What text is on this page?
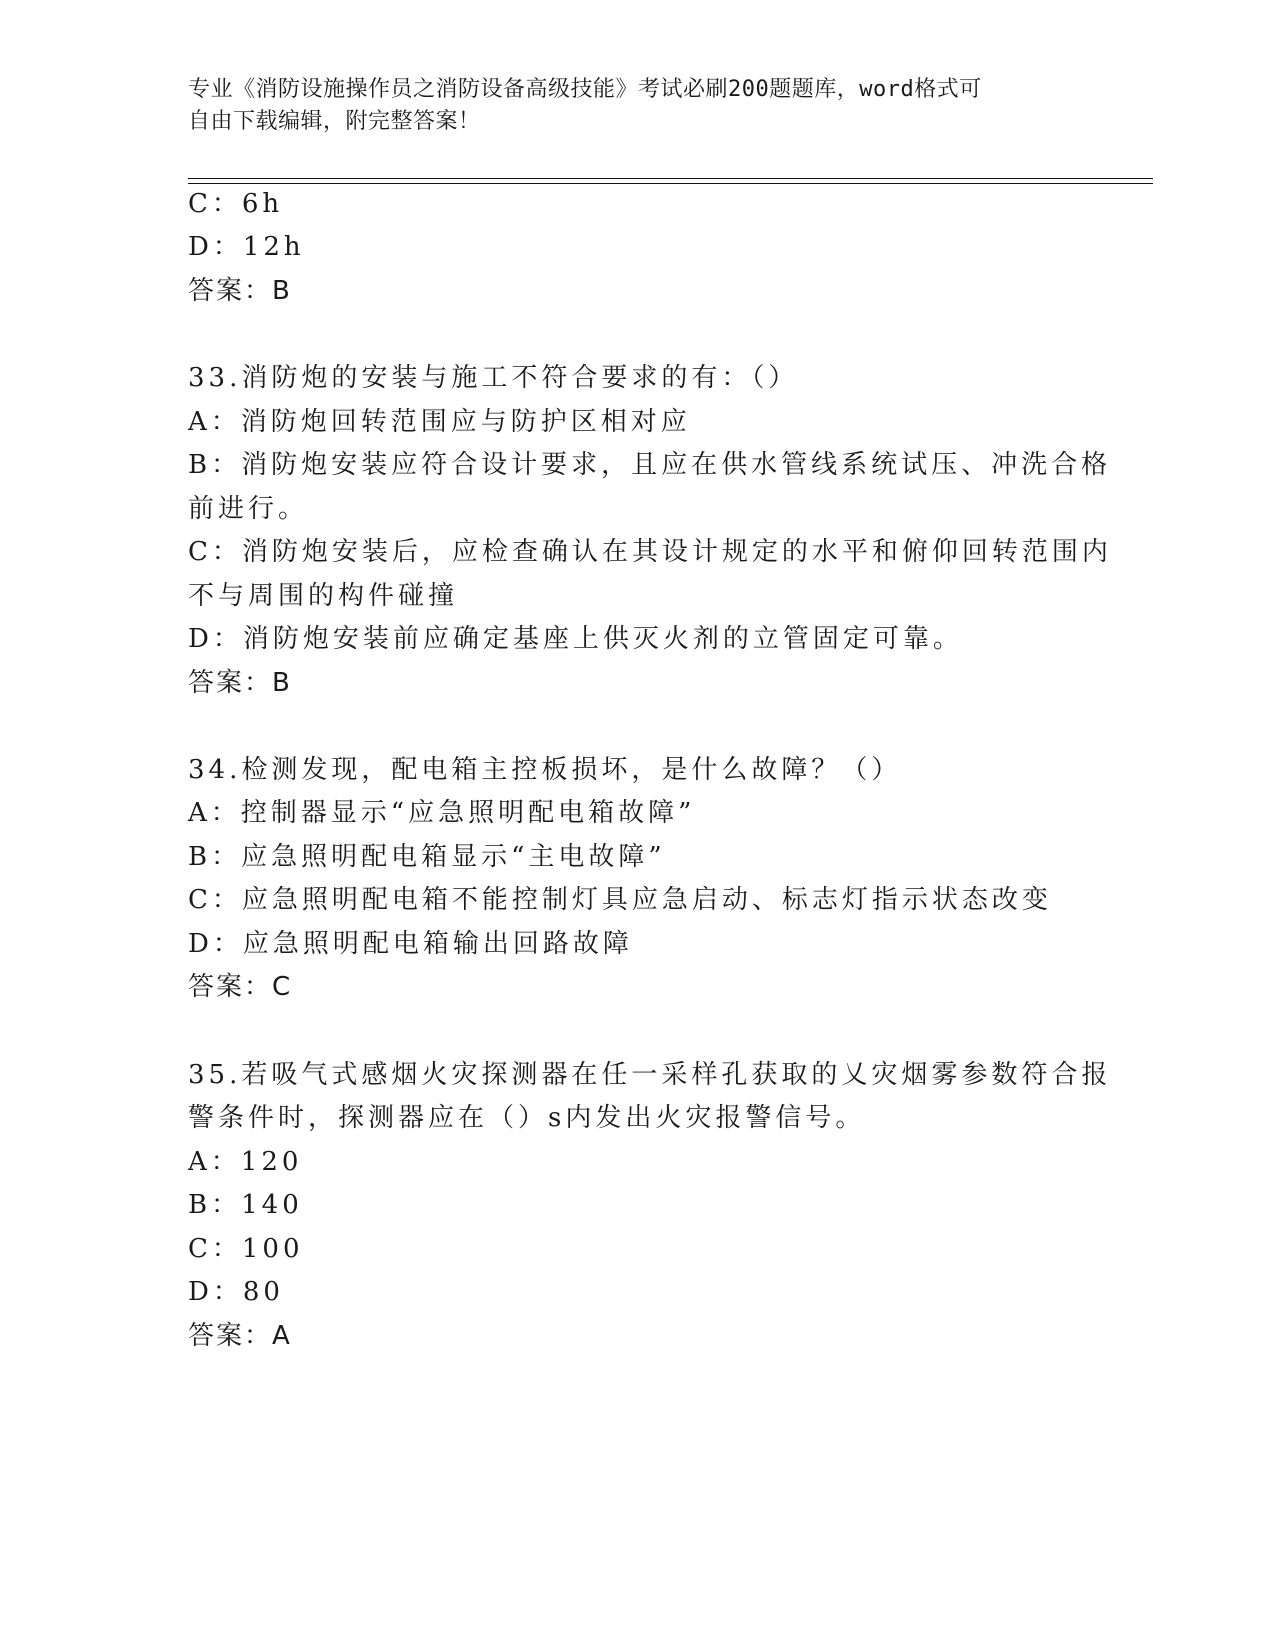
专业《消防设施操作员之消防设备高级技能》考试必刷200题题库，word格式可
自由下载编辑，附完整答案！
C：6h
D：12h
答案：B
33.消防炮的安装与施工不符合要求的有：（）
A：消防炮回转范围应与防护区相对应
B：消防炮安装应符合设计要求，且应在供水管线系统试压、冲洗合格
前进行。
C：消防炮安装后，应检查确认在其设计规定的水平和俯仰回转范围内
不与周围的构件碰撞
D：消防炮安装前应确定基座上供灭火剂的立管固定可靠。
答案：B
34.检测发现，配电箱主控板损坏，是什么故障？（）
A：控制器显示“应急照明配电箱故障”
B：应急照明配电箱显示“主电故障”
C：应急照明配电箱不能控制灯具应急启动、标志灯指示状态改变
D：应急照明配电箱输出回路故障
答案：C
35.若吸气式感烟火灾探测器在任一采样孔获取的乂灾烟雾参数符合报
警条件时，探测器应在（）s内发出火灾报警信号。
A：120
B：140
C：100
D：80
答案：A
